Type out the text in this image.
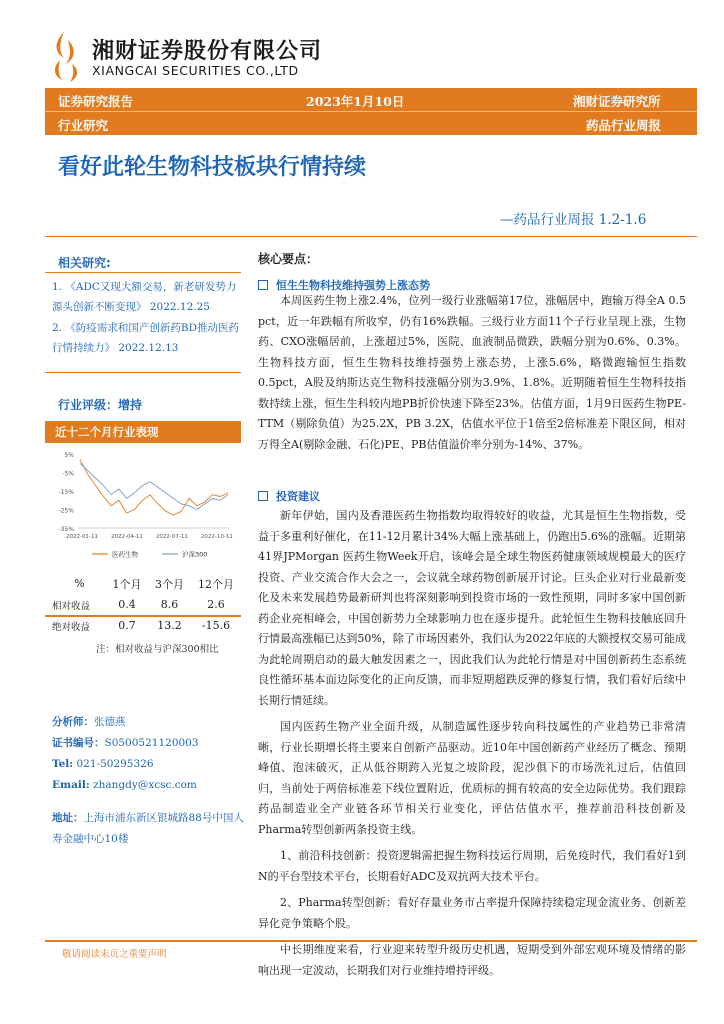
湘财证券股份有限公司
XIANGCAI SECURITIES CO.,LTD
证券研究报告	2023年1月10日	湘财证券研究所
行业研究	药品行业周报
看好此轮生物科技板块行情持续
—药品行业周报 1.2-1.6
相关研究:
1. 《ADC又现大额交易，新老研发势力源头创新不断变现》 2022.12.25
2. 《防疫需求和国产创新药BD推动医药行情持续力》 2022.12.13
行业评级：增持
近十二个月行业表现
5%
-5%
-15%
-25%
-35%
2022-01-11 2022-04-11 2022-07-11 2022-10-11
医药生物	沪深300
%	1个月	3个月	12个月
相对收益	0.4	8.6	2.6
绝对收益	0.7	13.2	-15.6
注：相对收益与沪深300相比
分析师：张德燕
证书编号：S0500521120003
Tel: 021-50295326
Email: zhangdy@xcsc.com
地址：上海市浦东新区银城路88号中国人寿金融中心10楼
核心要点：
恒生生物科技维持强势上涨态势

本周医药生物上涨2.4%，位列一级行业涨幅第17位，涨幅居中，跑输万得全A 0.5 pct，近一年跌幅有所收窄，仍有16%跌幅。三级行业方面11个子行业呈现上涨，生物药、CXO涨幅居前，上涨超过5%，医院、血液制品微跌，跌幅分别为0.6%、0.3%。生物科技方面，恒生生物科技维持强势上涨态势，上涨5.6%，略微跑输恒生指数0.5pct，A股及纳斯达克生物科技涨幅分别为3.9%、1.8%。近期随着恒生生物科技指数持续上涨，恒生生科较内地PB折价快速下降至23%。估值方面，1月9日医药生物PE-TTM（剔除负值）为25.2X，PB 3.2X，估值水平位于1倍至2倍标准差下限区间，相对万得全A(剔除金融、石化)PE、PB估值溢价率分别为-14%、37%。

投资建议

新年伊始，国内及香港医药生物指数均取得较好的收益，尤其是恒生生物指数，受益于多重利好催化，在11-12月累计34%大幅上涨基础上，仍跑出5.6%的涨幅。近期第41界JPMorgan 医药生物Week开启，该峰会是全球生物医药健康领域规模最大的医疗投资、产业交流合作大会之一，会议就全球药物创新展开讨论。巨头企业对行业最新变化及未来发展趋势最新研判也将深刻影响到投资市场的一致性预期，同时多家中国创新药企业亮相峰会，中国创新势力全球影响力也在逐步提升。此轮恒生生物科技触底回升行情最高涨幅已达到50%，除了市场因素外，我们认为2022年底的大额授权交易可能成为此轮周期启动的最大触发因素之一，因此我们认为此轮行情是对中国创新药生态系统良性循环基本面边际变化的正向反馈，而非短期超跌反弹的修复行情，我们看好后续中长期行情延续。

国内医药生物产业全面升级，从制造属性逐步转向科技属性的产业趋势已非常清晰，行业长期增长将主要来自创新产品驱动。近10年中国创新药产业经历了概念、预期峰值、泡沫破灭，正从低谷期跨入光复之坡阶段，泥沙俱下的市场洗礼过后，估值回归，当前处于两倍标准差下线位置附近，优质标的拥有较高的安全边际优势。我们跟踪药品制造业全产业链各环节相关行业变化，评估估值水平，推荐前沿科技创新及Pharma转型创新两条投资主线。

1、前沿科技创新：投资逻辑需把握生物科技运行周期，后免疫时代，我们看好1到N的平台型技术平台，长期看好ADC及双抗两大技术平台。

2、Pharma转型创新：看好存量业务市占率提升保障持续稳定现金流业务、创新差异化竞争策略个股。

中长期维度来看，行业迎来转型升级历史机遇，短期受到外部宏观环境及情绪的影响出现一定波动，长期我们对行业维持增持评级。

敬请阅读末页之重要声明
